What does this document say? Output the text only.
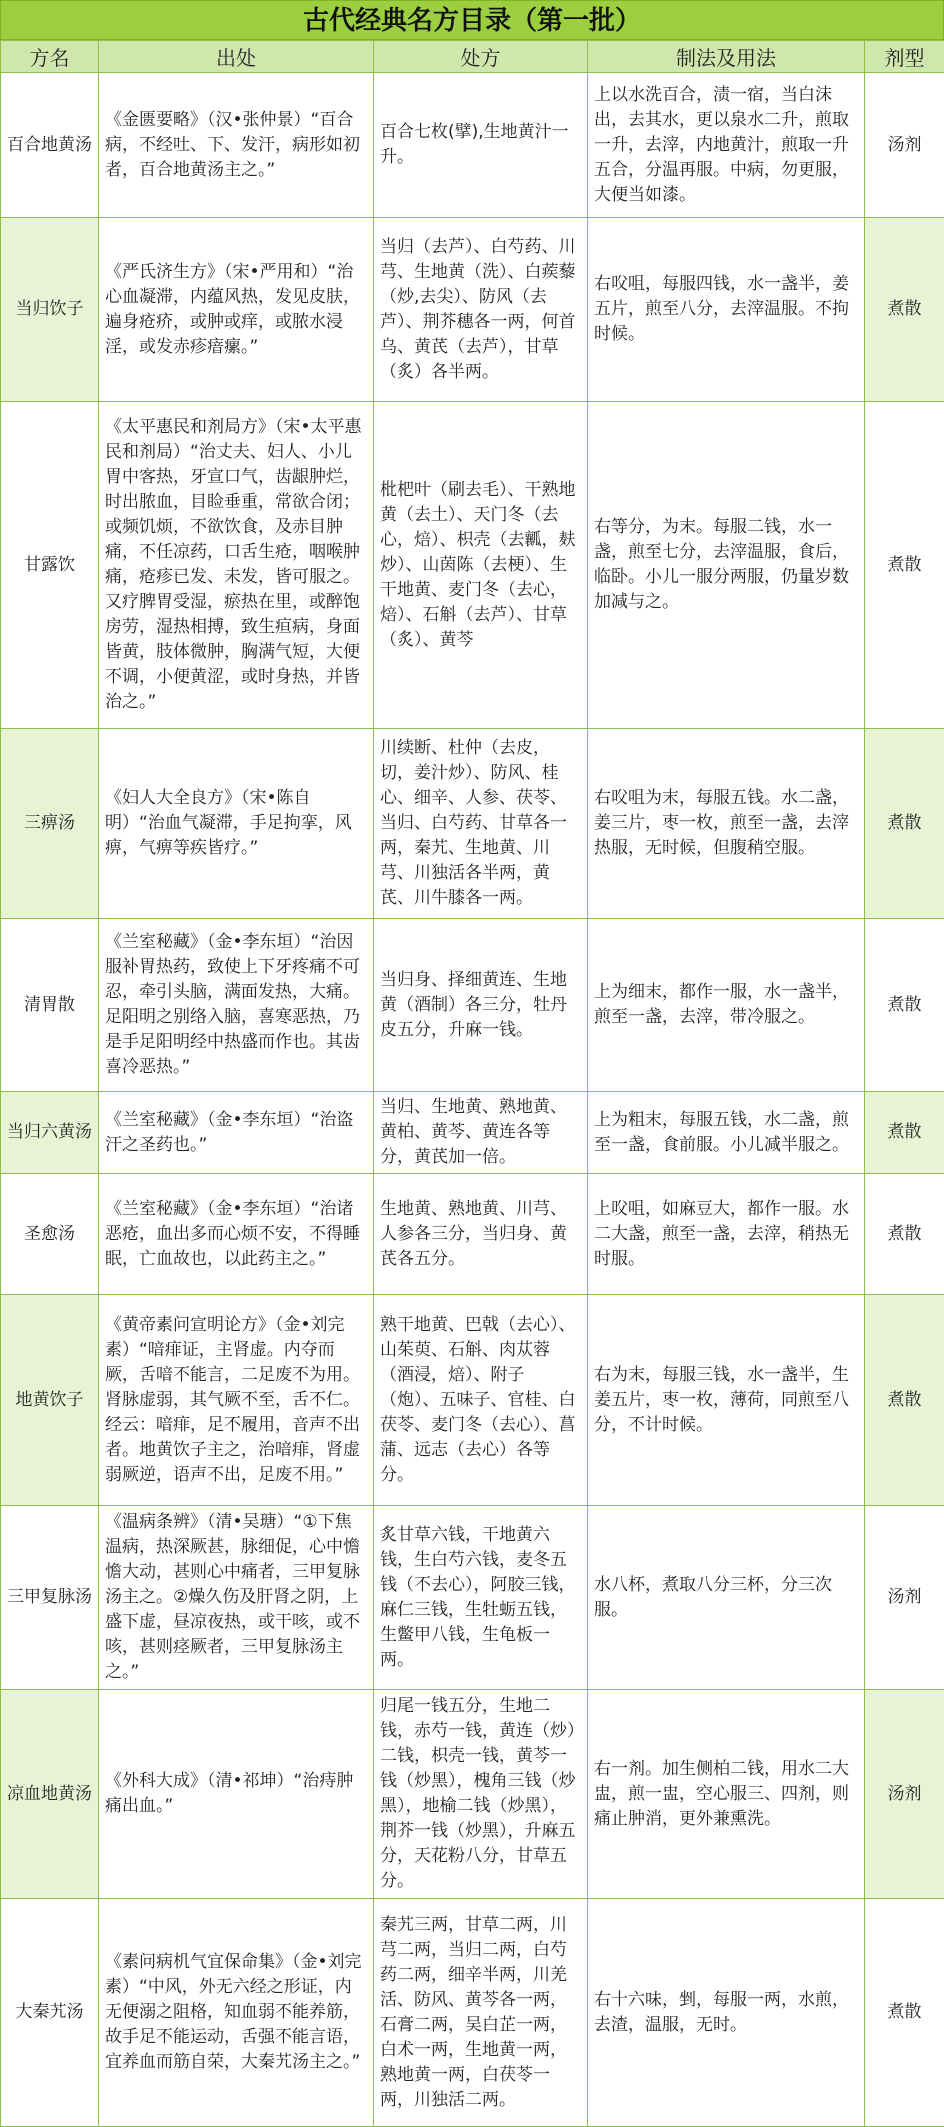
古代经典名方目录（第一批）
方名	出处	处方	制法及用法	剂型
百合地黄汤	《金匮要略》（汉•张仲景）“百合病，不经吐、下、发汗，病形如初者，百合地黄汤主之。”	百合七枚(擘),生地黄汁一升。	上以水洗百合，渍一宿，当白沫出，去其水，更以泉水二升，煎取一升，去滓，内地黄汁，煎取一升五合，分温再服。中病，勿更服，大便当如漆。	汤剂
当归饮子	《严氏济生方》（宋•严用和）“治心血凝滞，内蕴风热，发见皮肤，遍身疮疥，或肿或痒，或脓水浸淫，或发赤疹瘖瘰。”	当归（去芦）、白芍药、川芎、生地黄（洗）、白蒺藜（炒,去尖）、防风（去芦）、荆芥穗各一两，何首乌、黄芪（去芦），甘草（炙）各半两。	右㕮咀，每服四钱，水一盏半，姜五片，煎至八分，去滓温服。不拘时候。	煮散
甘露饮	《太平惠民和剂局方》（宋•太平惠民和剂局）“治丈夫、妇人、小儿胃中客热，牙宣口气，齿龈肿烂，时出脓血，目睑垂重，常欲合闭；或频饥烦，不欲饮食，及赤目肿痛，不任凉药，口舌生疮，咽喉肿痛，疮疹已发、未发，皆可服之。又疗脾胃受湿，瘀热在里，或醉饱房劳，湿热相搏，致生疸病，身面皆黄，肢体微肿，胸满气短，大便不调，小便黄涩，或时身热，并皆治之。”	枇杷叶（刷去毛）、干熟地黄（去土）、天门冬（去心，焙）、枳壳（去瓤，麸炒）、山茵陈（去梗）、生干地黄、麦门冬（去心，焙）、石斛（去芦）、甘草（炙）、黄芩	右等分，为末。每服二钱，水一盏，煎至七分，去滓温服，食后，临卧。小儿一服分两服，仍量岁数加减与之。	煮散
三痹汤	《妇人大全良方》（宋•陈自明）“治血气凝滞，手足拘挛，风痹，气痹等疾皆疗。”	川续断、杜仲（去皮，切，姜汁炒）、防风、桂心、细辛、人参、茯苓、当归、白芍药、甘草各一两，秦艽、生地黄、川芎、川独活各半两，黄芪、川牛膝各一两。	右㕮咀为末，每服五钱。水二盏，姜三片，枣一枚，煎至一盏，去滓热服，无时候，但腹稍空服。	煮散
清胃散	《兰室秘藏》（金•李东垣）“治因服补胃热药，致使上下牙疼痛不可忍，牵引头脑，满面发热，大痛。足阳明之别络入脑，喜寒恶热，乃是手足阳明经中热盛而作也。其齿喜冷恶热。”	当归身、择细黄连、生地黄（酒制）各三分，牡丹皮五分，升麻一钱。	上为细末，都作一服，水一盏半，煎至一盏，去滓，带冷服之。	煮散
当归六黄汤	《兰室秘藏》（金•李东垣）“治盗汗之圣药也。”	当归、生地黄、熟地黄、黄柏、黄芩、黄连各等分，黄芪加一倍。	上为粗末，每服五钱，水二盏，煎至一盏，食前服。小儿减半服之。	煮散
圣愈汤	《兰室秘藏》（金•李东垣）“治诸恶疮，血出多而心烦不安，不得睡眠，亡血故也，以此药主之。”	生地黄、熟地黄、川芎、人参各三分，当归身、黄芪各五分。	上㕮咀，如麻豆大，都作一服。水二大盏，煎至一盏，去滓，稍热无时服。	煮散
地黄饮子	《黄帝素问宣明论方》（金•刘完素）“喑痱证，主肾虚。内夺而厥，舌喑不能言，二足废不为用。肾脉虚弱，其气厥不至，舌不仁。经云：喑痱，足不履用，音声不出者。地黄饮子主之，治喑痱，肾虚弱厥逆，语声不出，足废不用。”	熟干地黄、巴戟（去心）、山茱萸、石斛、肉苁蓉（酒浸，焙）、附子（炮）、五味子、官桂、白茯苓、麦门冬（去心）、菖蒲、远志（去心）各等分。	右为末，每服三钱，水一盏半，生姜五片，枣一枚，薄荷，同煎至八分，不计时候。	煮散
三甲复脉汤	《温病条辨》（清•吴瑭）“①下焦温病，热深厥甚，脉细促，心中憺憺大动，甚则心中痛者，三甲复脉汤主之。②燥久伤及肝肾之阴，上盛下虚，昼凉夜热，或干咳，或不咳，甚则痉厥者，三甲复脉汤主之。”	炙甘草六钱，干地黄六钱，生白芍六钱，麦冬五钱（不去心），阿胶三钱，麻仁三钱，生牡蛎五钱，生鳖甲八钱，生龟板一两。	水八杯，煮取八分三杯，分三次服。	汤剂
凉血地黄汤	《外科大成》（清•祁坤）“治痔肿痛出血。”	归尾一钱五分，生地二钱，赤芍一钱，黄连（炒）二钱，枳壳一钱，黄芩一钱（炒黑），槐角三钱（炒黑），地榆二钱（炒黑），荆芥一钱（炒黑），升麻五分，天花粉八分，甘草五分。	右一剂。加生侧柏二钱，用水二大盅，煎一盅，空心服三、四剂，则痛止肿消，更外兼熏洗。	汤剂
大秦艽汤	《素问病机气宜保命集》（金•刘完素）“中风，外无六经之形证，内无便溺之阻格，知血弱不能养筋，故手足不能运动，舌强不能言语，宜养血而筋自荣，大秦艽汤主之。”	秦艽三两，甘草二两，川芎二两，当归二两，白芍药二两，细辛半两，川羌活、防风、黄芩各一两，石膏二两，吴白芷一两，白术一两，生地黄一两，熟地黄一两，白茯苓一两，川独活二两。	右十六味，剉，每服一两，水煎，去渣，温服，无时。	煮散
